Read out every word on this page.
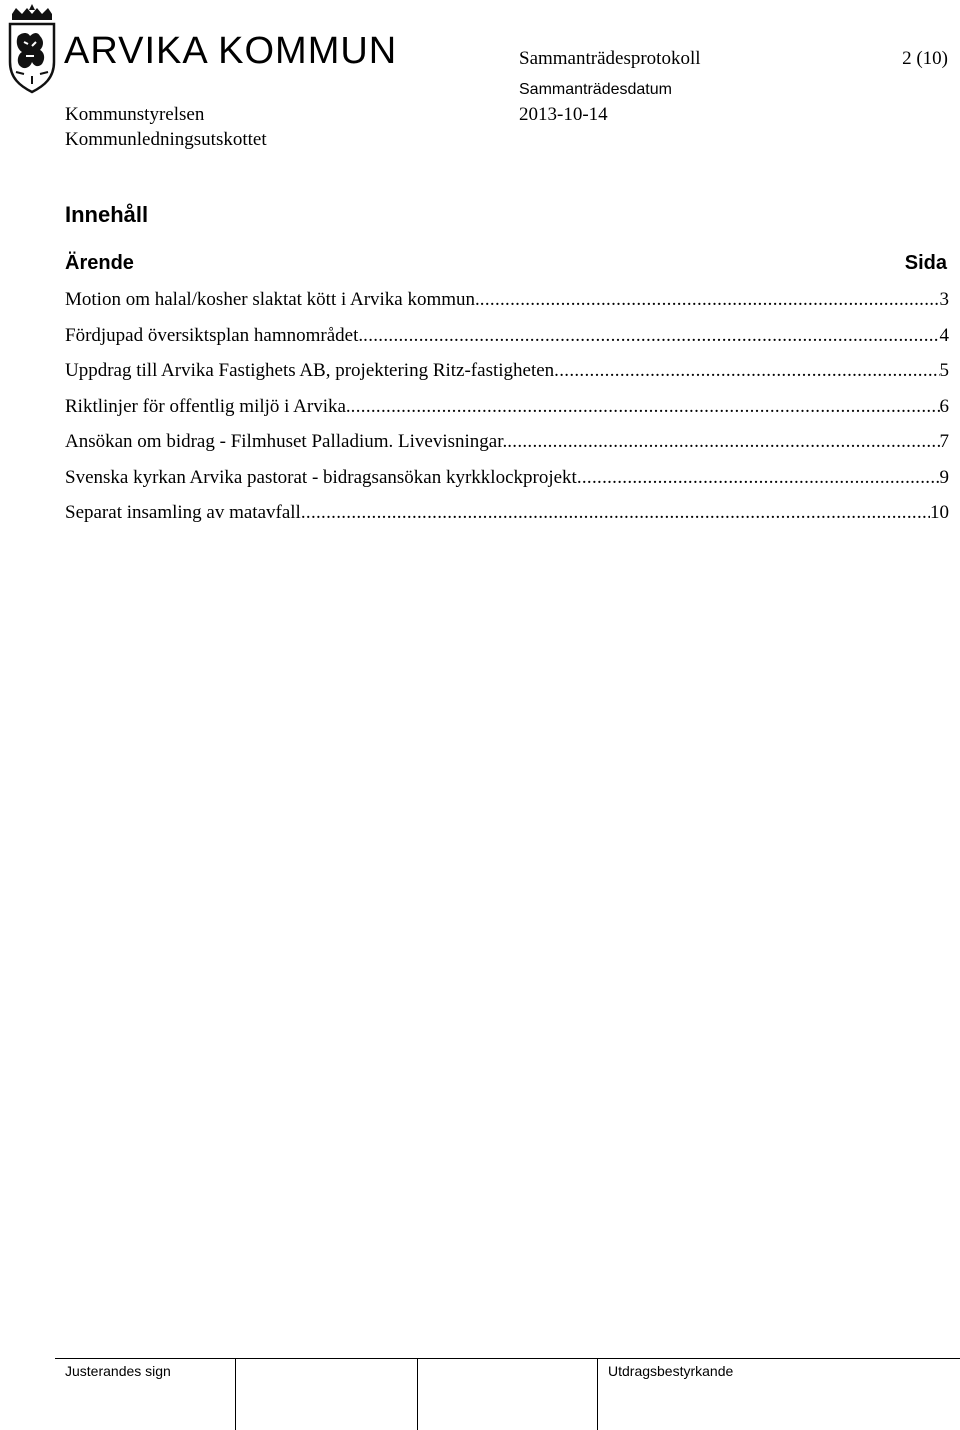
ARVIKA KOMMUN	Sammanträdesprotokoll	2 (10)
Sammanträdesdatum
Kommunstyrelsen	2013-10-14
Kommunledningsutskottet
Innehåll
Ärende	Sida
Motion om halal/kosher slaktat kött i Arvika kommun. .....	3
Fördjupad översiktsplan hamnområdet. .....	4
Uppdrag till Arvika Fastighets AB, projektering Ritz-fastigheten .....	5
Riktlinjer för offentlig miljö i Arvika. .....	6
Ansökan om bidrag - Filmhuset Palladium. Livevisningar. .....	7
Svenska kyrkan Arvika pastorat - bidragsansökan kyrkklockprojekt .....	9
Separat insamling av matavfall .....	10
Justerandes sign	Utdragsbestyrkande
